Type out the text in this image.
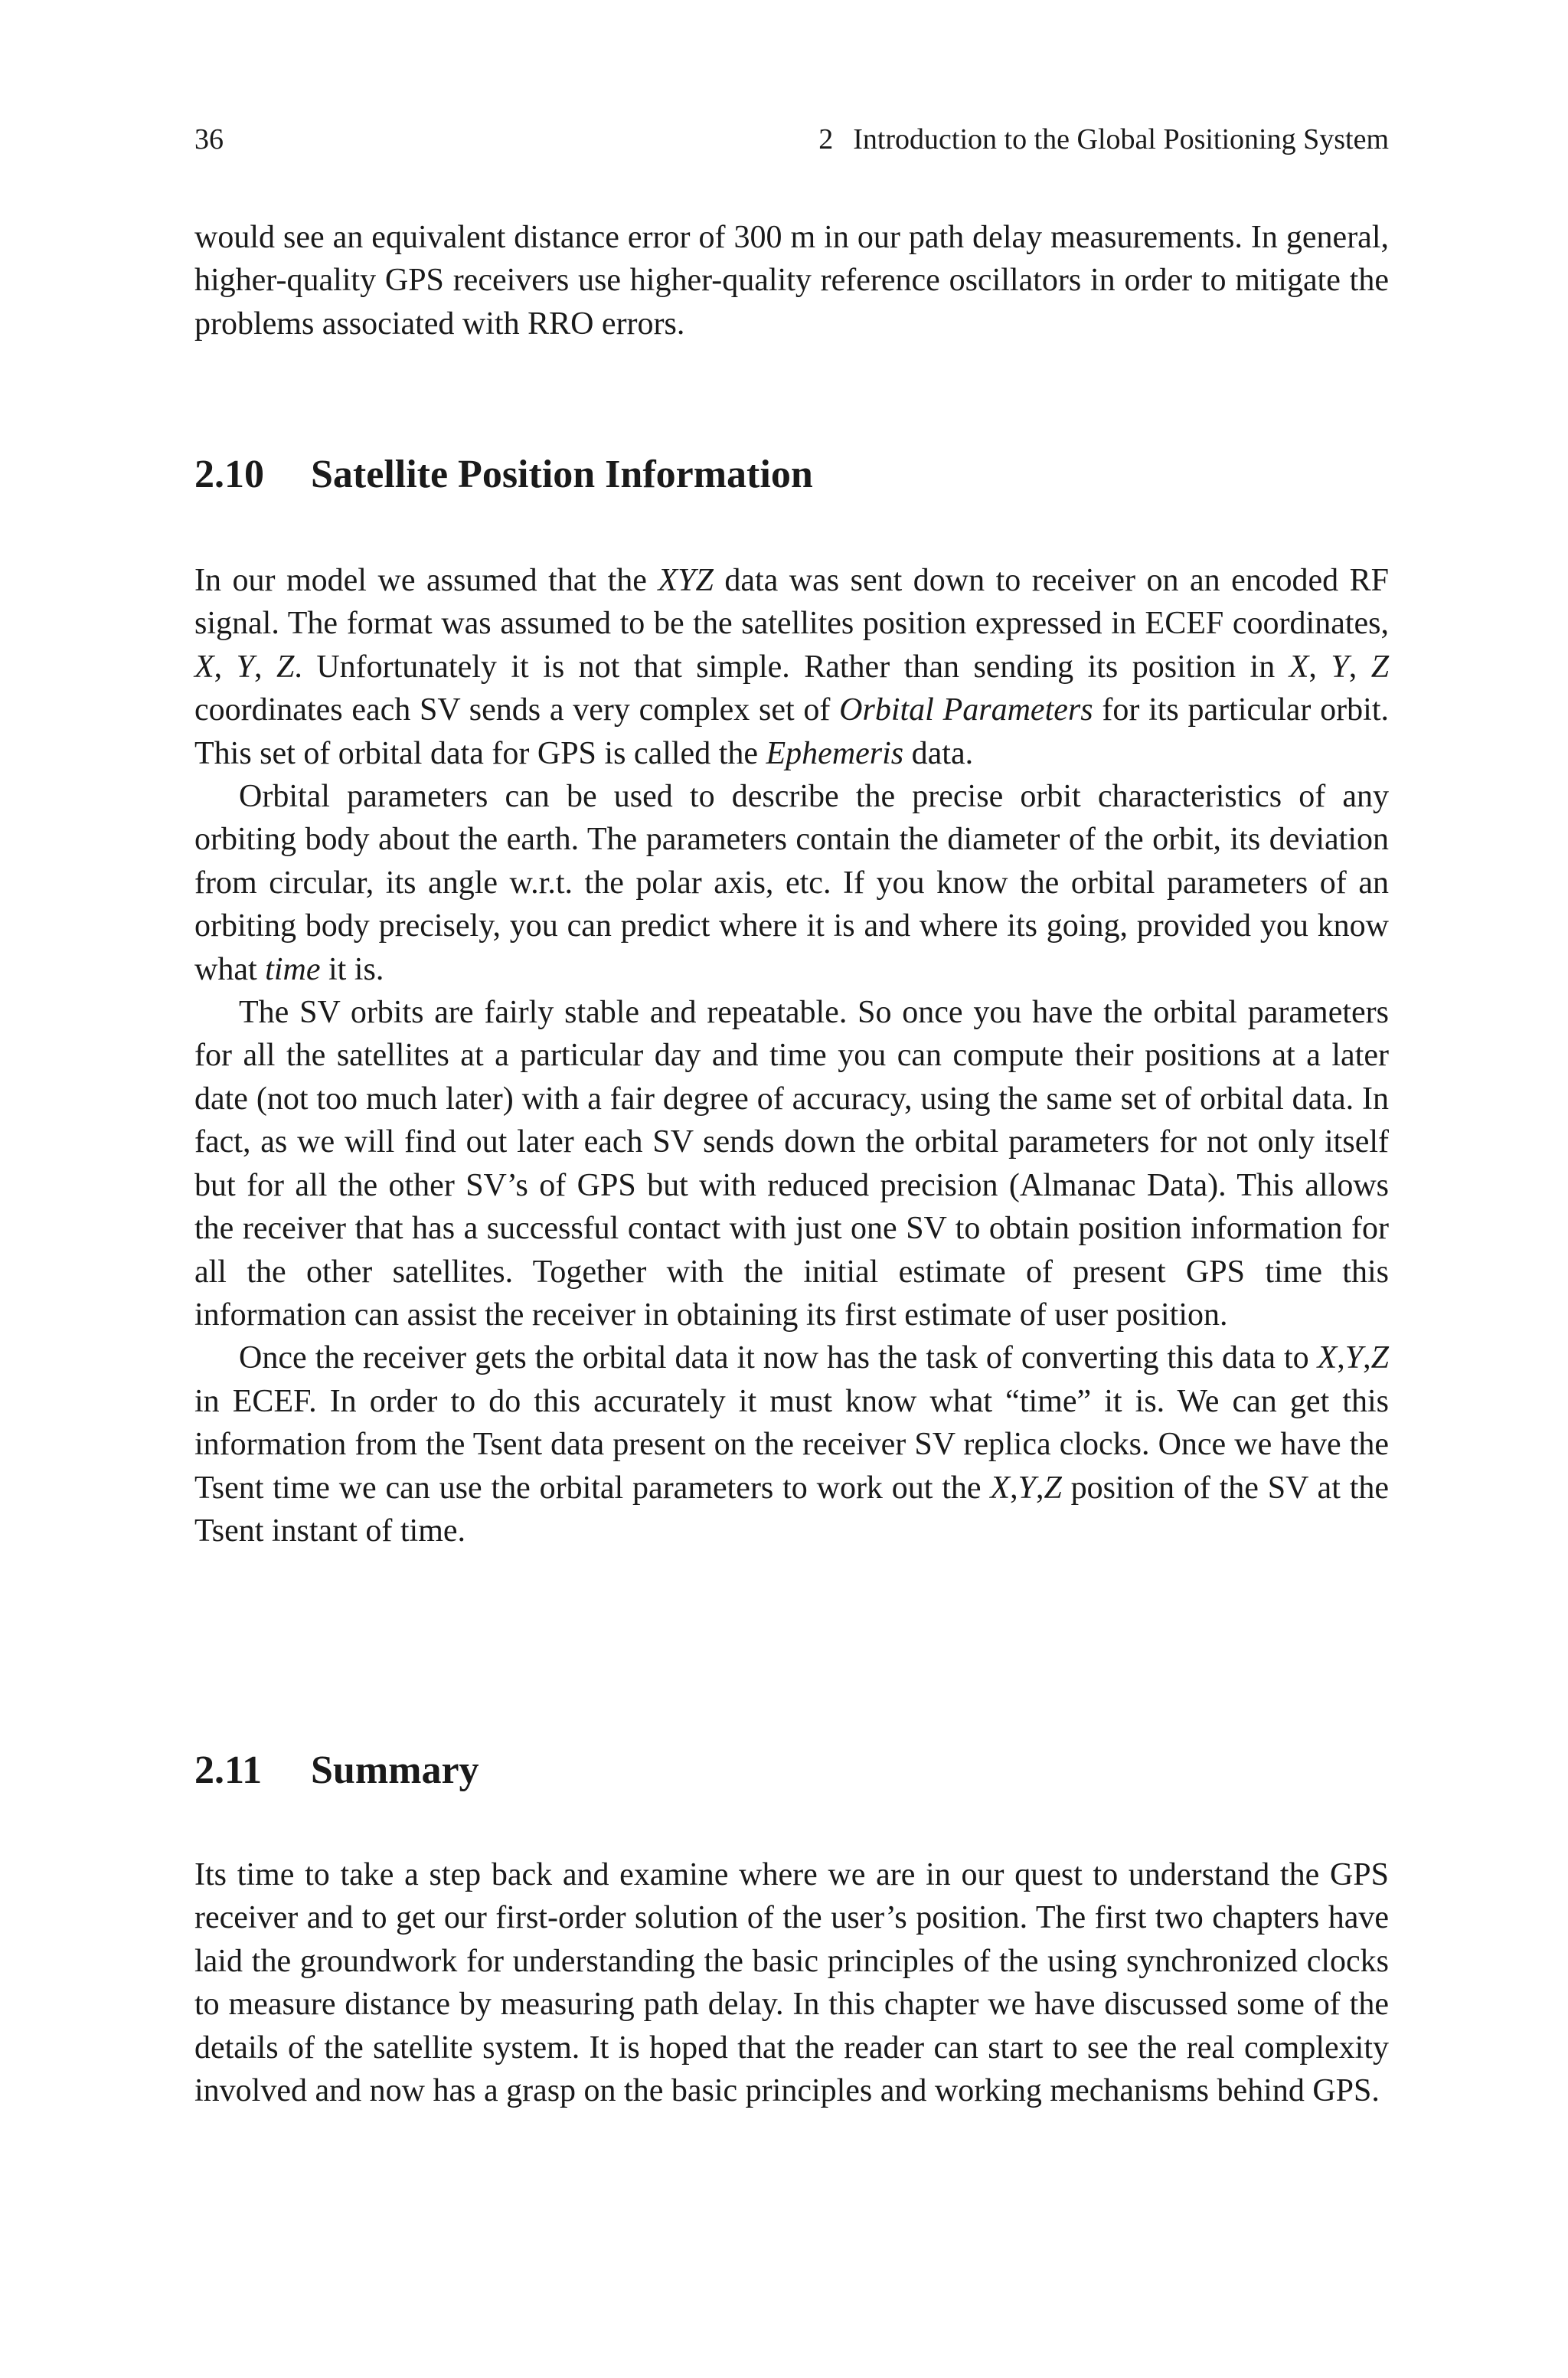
36	2 Introduction to the Global Positioning System

would see an equivalent distance error of 300 m in our path delay measurements. In general, higher-quality GPS receivers use higher-quality reference oscillators in order to mitigate the problems associated with RRO errors.

2.10 Satellite Position Information

In our model we assumed that the XYZ data was sent down to receiver on an encoded RF signal. The format was assumed to be the satellites position expressed in ECEF coordinates, X, Y, Z. Unfortunately it is not that simple. Rather than sending its position in X, Y, Z coordinates each SV sends a very complex set of Orbital Parameters for its particular orbit. This set of orbital data for GPS is called the Ephemeris data.

Orbital parameters can be used to describe the precise orbit characteristics of any orbiting body about the earth. The parameters contain the diameter of the orbit, its deviation from circular, its angle w.r.t. the polar axis, etc. If you know the orbital parameters of an orbiting body precisely, you can predict where it is and where its going, provided you know what time it is.

The SV orbits are fairly stable and repeatable. So once you have the orbital parameters for all the satellites at a particular day and time you can compute their positions at a later date (not too much later) with a fair degree of accuracy, using the same set of orbital data. In fact, as we will find out later each SV sends down the orbital parameters for not only itself but for all the other SV’s of GPS but with reduced precision (Almanac Data). This allows the receiver that has a successful contact with just one SV to obtain position information for all the other satellites. Together with the initial estimate of present GPS time this information can assist the receiver in obtaining its first estimate of user position.

Once the receiver gets the orbital data it now has the task of converting this data to X,Y,Z in ECEF. In order to do this accurately it must know what “time” it is. We can get this information from the Tsent data present on the receiver SV replica clocks. Once we have the Tsent time we can use the orbital parameters to work out the X,Y,Z position of the SV at the Tsent instant of time.

2.11 Summary

Its time to take a step back and examine where we are in our quest to understand the GPS receiver and to get our first-order solution of the user’s position. The first two chapters have laid the groundwork for understanding the basic principles of the using synchronized clocks to measure distance by measuring path delay. In this chapter we have discussed some of the details of the satellite system. It is hoped that the reader can start to see the real complexity involved and now has a grasp on the basic principles and working mechanisms behind GPS.
